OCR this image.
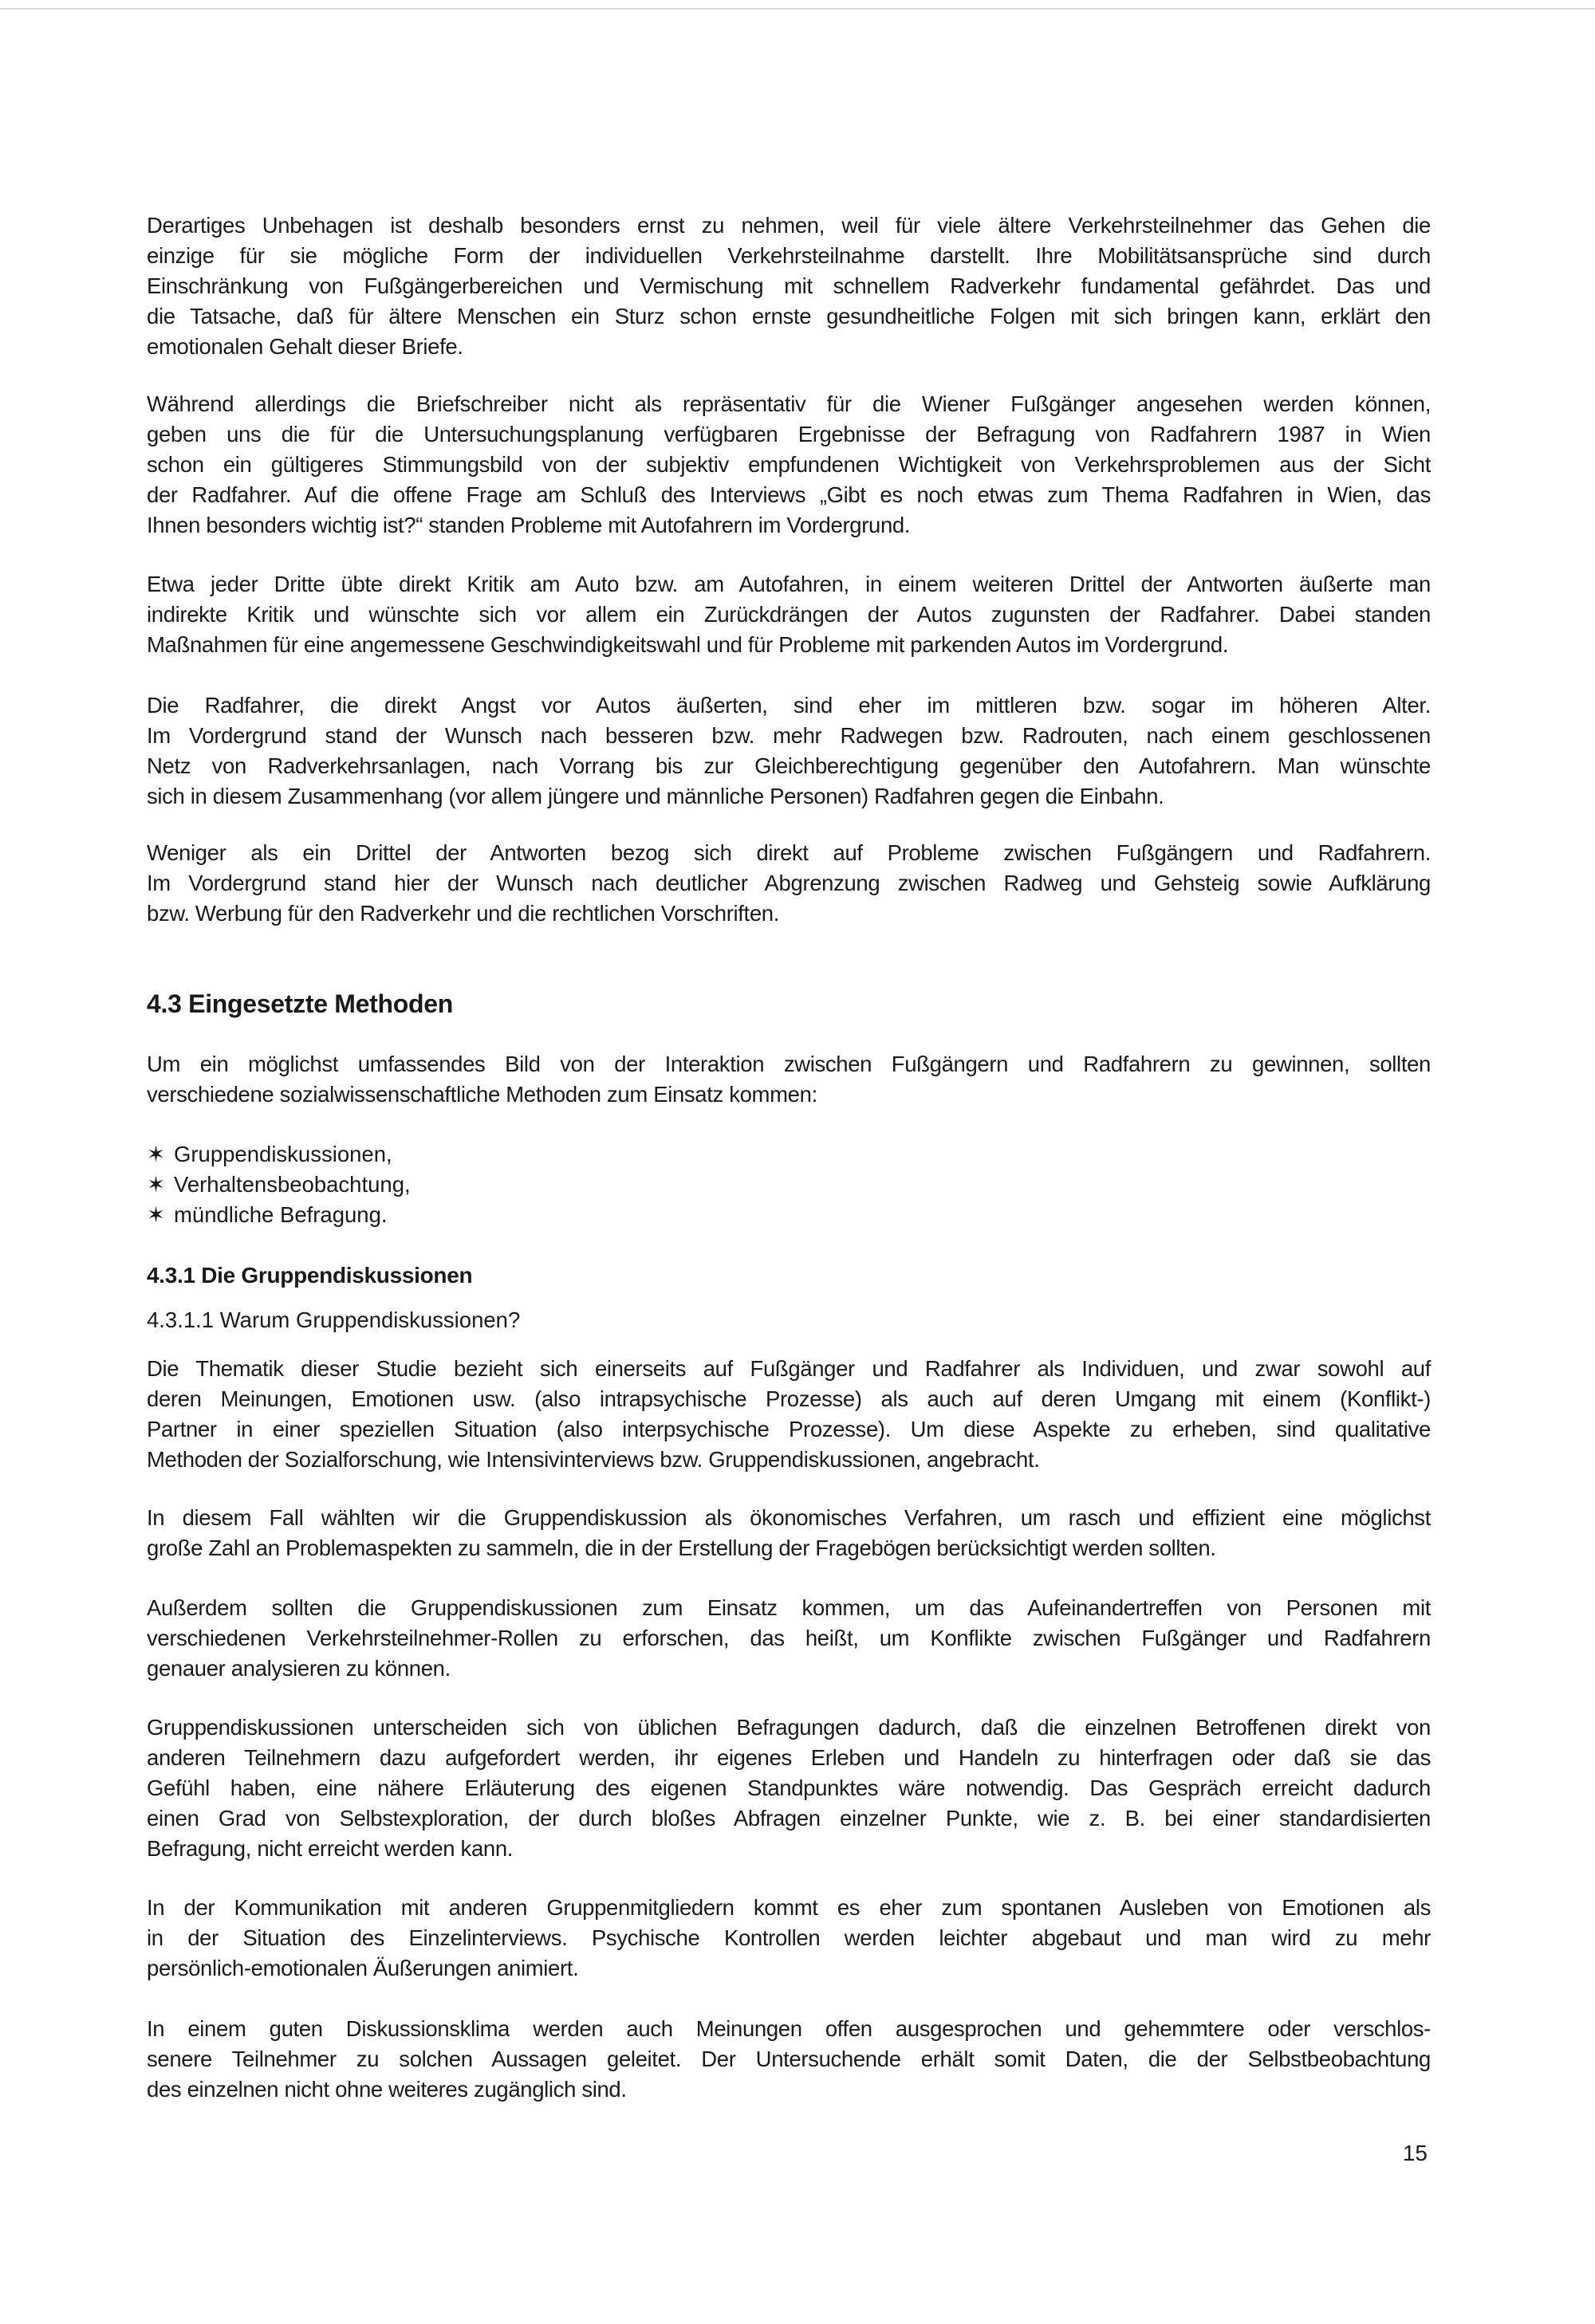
Derartiges Unbehagen ist deshalb besonders ernst zu nehmen, weil für viele ältere Verkehrsteilnehmer das Gehen die
einzige für sie mögliche Form der individuellen Verkehrsteilnahme darstellt. Ihre Mobilitätsansprüche sind durch
Einschränkung von Fußgängerbereichen und Vermischung mit schnellem Radverkehr fundamental gefährdet. Das und
die Tatsache, daß für ältere Menschen ein Sturz schon ernste gesundheitliche Folgen mit sich bringen kann, erklärt den
emotionalen Gehalt dieser Briefe.
Während allerdings die Briefschreiber nicht als repräsentativ für die Wiener Fußgänger angesehen werden können,
geben uns die für die Untersuchungsplanung verfügbaren Ergebnisse der Befragung von Radfahrern 1987 in Wien
schon ein gültigeres Stimmungsbild von der subjektiv empfundenen Wichtigkeit von Verkehrsproblemen aus der Sicht
der Radfahrer. Auf die offene Frage am Schluß des Interviews „Gibt es noch etwas zum Thema Radfahren in Wien, das
Ihnen besonders wichtig ist?“ standen Probleme mit Autofahrern im Vordergrund.
Etwa jeder Dritte übte direkt Kritik am Auto bzw. am Autofahren, in einem weiteren Drittel der Antworten äußerte man
indirekte Kritik und wünschte sich vor allem ein Zurückdrängen der Autos zugunsten der Radfahrer. Dabei standen
Maßnahmen für eine angemessene Geschwindigkeitswahl und für Probleme mit parkenden Autos im Vordergrund.
Die Radfahrer, die direkt Angst vor Autos äußerten, sind eher im mittleren bzw. sogar im höheren Alter.
Im Vordergrund stand der Wunsch nach besseren bzw. mehr Radwegen bzw. Radrouten, nach einem geschlossenen
Netz von Radverkehrsanlagen, nach Vorrang bis zur Gleichberechtigung gegenüber den Autofahrern. Man wünschte
sich in diesem Zusammenhang (vor allem jüngere und männliche Personen) Radfahren gegen die Einbahn.
Weniger als ein Drittel der Antworten bezog sich direkt auf Probleme zwischen Fußgängern und Radfahrern.
Im Vordergrund stand hier der Wunsch nach deutlicher Abgrenzung zwischen Radweg und Gehsteig sowie Aufklärung
bzw. Werbung für den Radverkehr und die rechtlichen Vorschriften.
4.3 Eingesetzte Methoden
Um ein möglichst umfassendes Bild von der Interaktion zwischen Fußgängern und Radfahrern zu gewinnen, sollten
verschiedene sozialwissenschaftliche Methoden zum Einsatz kommen:
✶ Gruppendiskussionen,
✶ Verhaltensbeobachtung,
✶ mündliche Befragung.
4.3.1 Die Gruppendiskussionen
4.3.1.1 Warum Gruppendiskussionen?
Die Thematik dieser Studie bezieht sich einerseits auf Fußgänger und Radfahrer als Individuen, und zwar sowohl auf
deren Meinungen, Emotionen usw. (also intrapsychische Prozesse) als auch auf deren Umgang mit einem (Konflikt-)
Partner in einer speziellen Situation (also interpsychische Prozesse). Um diese Aspekte zu erheben, sind qualitative
Methoden der Sozialforschung, wie Intensivinterviews bzw. Gruppendiskussionen, angebracht.
In diesem Fall wählten wir die Gruppendiskussion als ökonomisches Verfahren, um rasch und effizient eine möglichst
große Zahl an Problemaspekten zu sammeln, die in der Erstellung der Fragebögen berücksichtigt werden sollten.
Außerdem sollten die Gruppendiskussionen zum Einsatz kommen, um das Aufeinandertreffen von Personen mit
verschiedenen Verkehrsteilnehmer-Rollen zu erforschen, das heißt, um Konflikte zwischen Fußgänger und Radfahrern
genauer analysieren zu können.
Gruppendiskussionen unterscheiden sich von üblichen Befragungen dadurch, daß die einzelnen Betroffenen direkt von
anderen Teilnehmern dazu aufgefordert werden, ihr eigenes Erleben und Handeln zu hinterfragen oder daß sie das
Gefühl haben, eine nähere Erläuterung des eigenen Standpunktes wäre notwendig. Das Gespräch erreicht dadurch
einen Grad von Selbstexploration, der durch bloßes Abfragen einzelner Punkte, wie z. B. bei einer standardisierten
Befragung, nicht erreicht werden kann.
In der Kommunikation mit anderen Gruppenmitgliedern kommt es eher zum spontanen Ausleben von Emotionen als
in der Situation des Einzelinterviews. Psychische Kontrollen werden leichter abgebaut und man wird zu mehr
persönlich-emotionalen Äußerungen animiert.
In einem guten Diskussionsklima werden auch Meinungen offen ausgesprochen und gehemmtere oder verschlos-
senere Teilnehmer zu solchen Aussagen geleitet. Der Untersuchende erhält somit Daten, die der Selbstbeobachtung
des einzelnen nicht ohne weiteres zugänglich sind.
15
